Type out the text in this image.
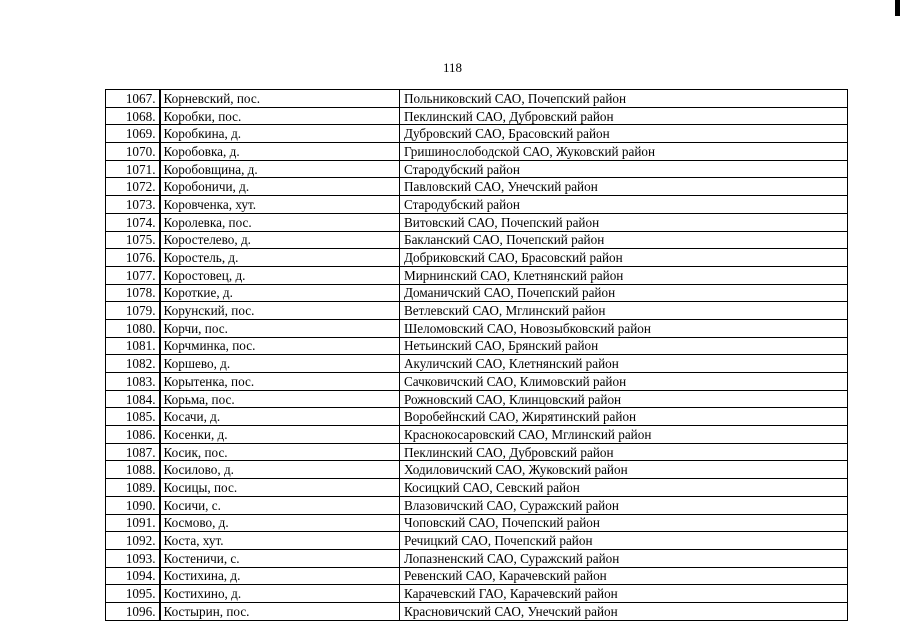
118
1067.	Корневский, пос.	Польниковский САО, Почепский район
1068.	Коробки, пос.	Пеклинский САО, Дубровский район
1069.	Коробкина, д.	Дубровский САО, Брасовский район
1070.	Коробовка, д.	Гришинослободской САО, Жуковский район
1071.	Коробовщина, д.	Стародубский район
1072.	Коробоничи, д.	Павловский САО, Унечский район
1073.	Коровченка, хут.	Стародубский район
1074.	Королевка, пос.	Витовский САО, Почепский район
1075.	Коростелево, д.	Бакланский САО, Почепский район
1076.	Коростель, д.	Добриковский САО, Брасовский район
1077.	Коростовец, д.	Мирнинский САО, Клетнянский район
1078.	Короткие, д.	Доманичский САО, Почепский район
1079.	Корунский, пос.	Ветлевский САО, Мглинский район
1080.	Корчи, пос.	Шеломовский САО, Новозыбковский район
1081.	Корчминка, пос.	Нетьинский САО, Брянский район
1082.	Коршево, д.	Акуличский САО, Клетнянский район
1083.	Корытенка, пос.	Сачковичский САО, Климовский район
1084.	Корьма, пос.	Рожновский САО, Клинцовский район
1085.	Косачи, д.	Воробейнский САО, Жирятинский район
1086.	Косенки, д.	Краснокосаровский САО, Мглинский район
1087.	Косик, пос.	Пеклинский САО, Дубровский район
1088.	Косилово, д.	Ходиловичский САО, Жуковский район
1089.	Косицы, пос.	Косицкий САО, Севский район
1090.	Косичи, с.	Влазовичский САО, Суражский район
1091.	Космово, д.	Чоповский САО, Почепский район
1092.	Коста, хут.	Речицкий САО, Почепский район
1093.	Костеничи, с.	Лопазненский САО, Суражский район
1094.	Костихина, д.	Ревенский САО, Карачевский район
1095.	Костихино, д.	Карачевский ГАО, Карачевский район
1096.	Костырин, пос.	Красновичский САО, Унечский район
